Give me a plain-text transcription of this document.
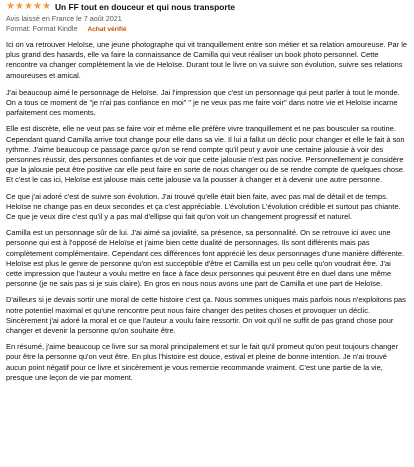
★ ★ ★ ★ ★ Un FF tout en douceur et qui nous transporte
Avis laissé en France le 7 août 2021
Format: Format Kindle Achat vérifié

Ici on va retrouver Heloïse, une jeune photographe qui vit tranquillement entre son métier et sa relation amoureuse. Par le plus grand des hasards, elle va faire la connaissance de Camilla qui veut réaliser un book photo personnel. Cette rencontre va changer complètement la vie de Heloïse. Durant tout le livre on va suivre son évolution, suivre ses relations amoureuses et amical.

J'ai beaucoup aimé le personnage de Heloïse. Jai l'impression que c'est un personnage qui peut parler à tout le monde. On a tous ce moment de "je n'ai pas confiance en moi" " je ne veux pas me faire voir" dans notre vie et Heloïse incarne parfaitement ces moments.

Elle est discrète, elle ne veut pas se faire voir et même elle préfère vivre tranquillement et ne pas bousculer sa routine. Cependant quand Camilla arrive tout change pour elle dans sa vie. Il lui a fallut un déclic pour changer et elle le fait à son rythme. J'aime beaucoup ce passage parce qu'on se rend compte qu'il peut y avoir une certaine jalousie à voir des personnes réussir, des personnes confiantes et de voir que cette jalousie n'est pas nocive. Personnellement je considère que la jalousie peut être positive car elle peut faire en sorte de nous changer ou de se rendre compte de quelques chose. Et c'est le cas ici, Heloïse est jalouse mais cette jalousie va la pousser à changer et à devenir une autre personne.

Ce que j'ai adoré c'est de suivre son évolution. J'ai trouvé qu'elle était bien faite, avec pas mal de détail et de temps. Heloïse ne change pas en deux secondes et ça c'est appréciable. L'évolution L'évolution crédible et surtout pas chiante. Ce que je veux dire c'est qu'il y a pas mal d'ellipse qui fait qu'on voit un changement progressif et naturel.

Camilla est un personnage sûr de lui. J'ai aimé sa jovialité, sa présence, sa personnalité. On se retrouve ici avec une personne qui est à l'opposé de Heloïse et j'aime bien cette dualité de personnages. Ils sont différents mais pas complètement complémentaire. Cependant ces différences font apprécié les deux personnages d'une manière différente. Heloïse est plus le genre de personne qu'on est succeptible d'être et Camilla est un peu celle qu'on voudrait être. J'ai cette impression que l'auteur a voulu mettre en face à face deux personnes qui peuvent être en duel dans une même personne (je ne sais pas si je suis claire). En gros en nous nous avons une part de Camilla et une part de Heloïse.

D'ailleurs si je devais sortir une moral de cette histoire c'est ça. Nous sommes uniques mais parfois nous n'exploitons pas notre potentiel maximal et qu'une rencontre peut nous faire changer des petites choses et provoquer un déclic. Sincèrement j'ai adoré la moral et ce que l'auteur a voulu faire ressortir. On voit qu'il ne suffit de pas grand chose pour changer et devenir la personne qu'on souhaite être.

En résumé, j'aime beaucoup ce livre sur sa moral principalement et sur le fait qu'il promeut qu'on peut toujours changer pour être la personne qu'on veut être. En plus l'histoire est douce, estival et pleine de bonne intention. Je n'ai trouvé aucun point négatif pour ce livre et sincèrement je vous remercie recommande vraiment. C'est une partie de la vie, presque une leçon de vie par moment.
